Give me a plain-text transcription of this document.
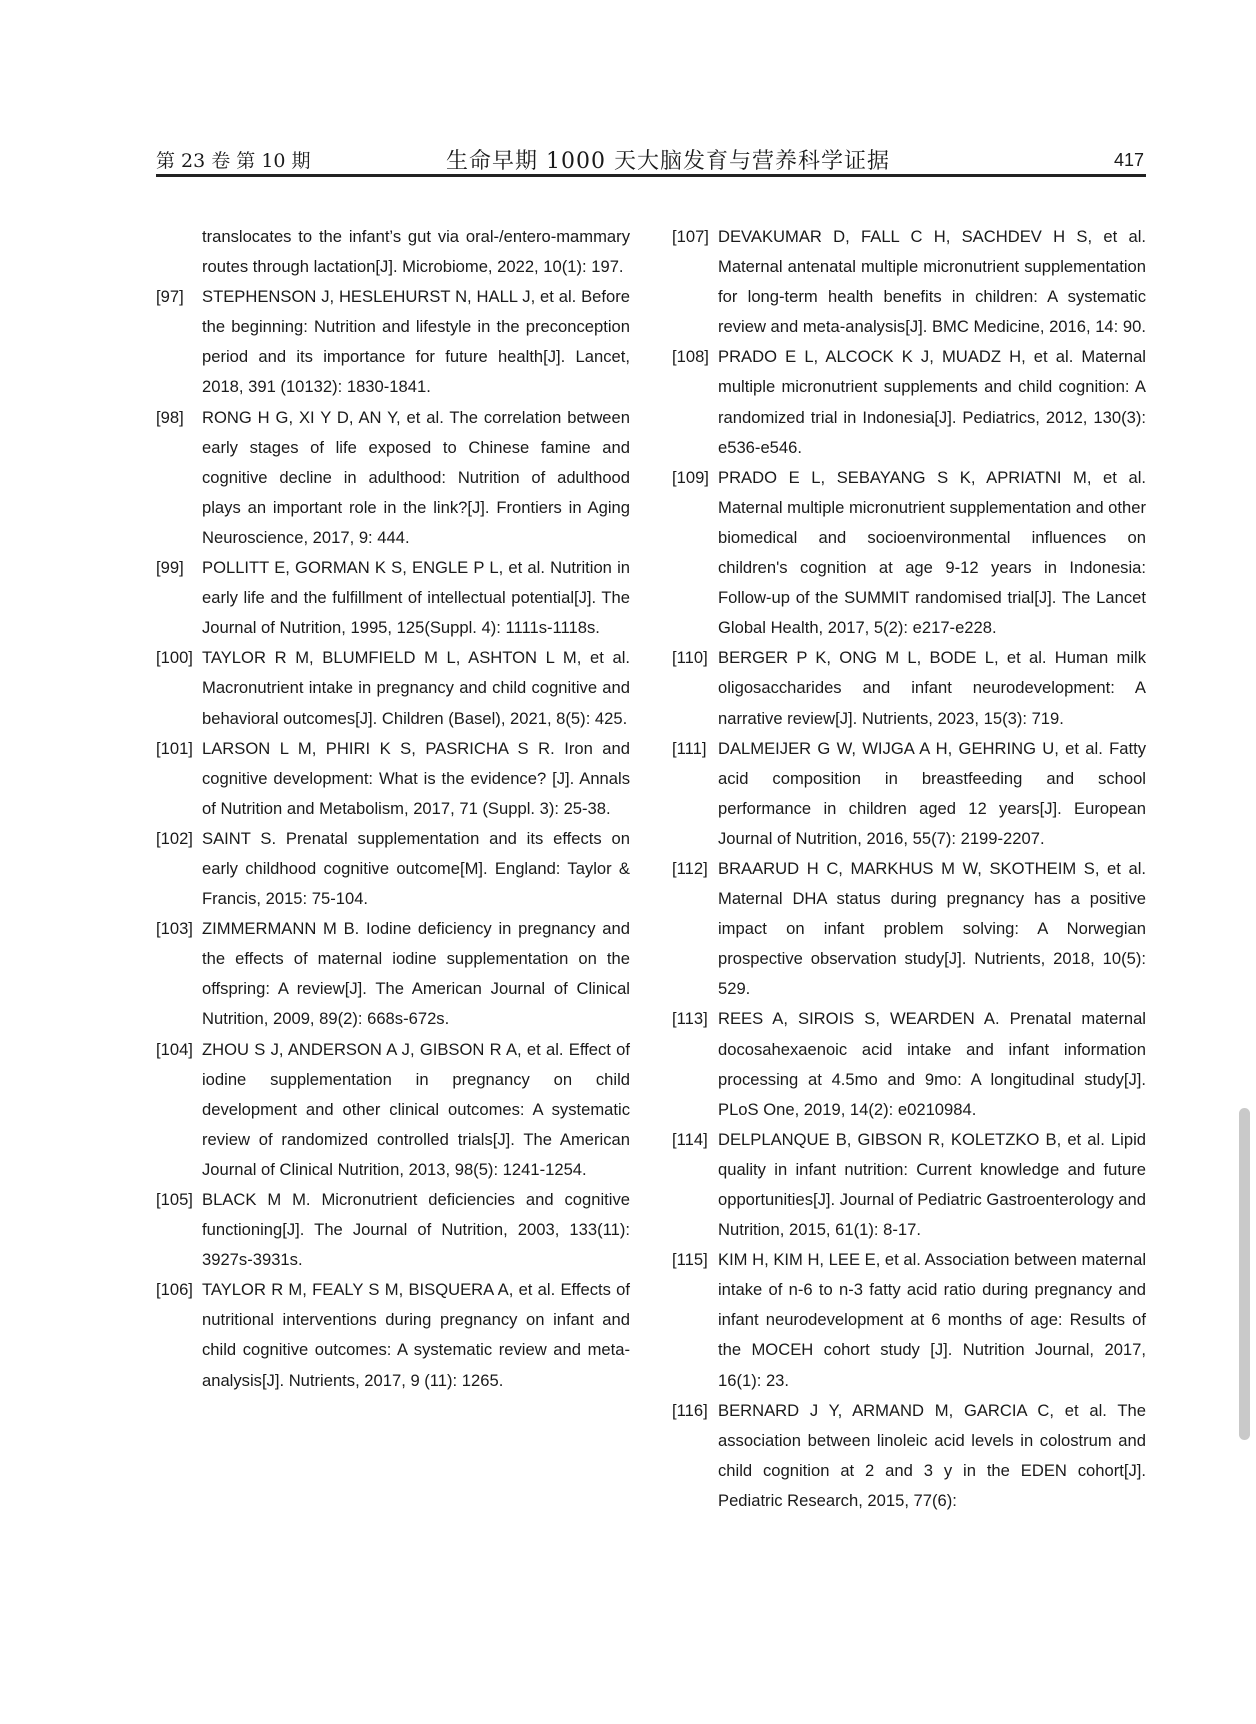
第 23 卷 第 10 期	生命早期 1000 天大脑发育与营养科学证据	417
translocates to the infant’s gut via oral-/entero-mammary routes through lactation[J]. Microbiome, 2022, 10(1): 197.
[97] STEPHENSON J, HESLEHURST N, HALL J, et al. Before the beginning: Nutrition and lifestyle in the preconception period and its importance for future health[J]. Lancet, 2018, 391 (10132): 1830-1841.
[98] RONG H G, XI Y D, AN Y, et al. The correlation between early stages of life exposed to Chinese famine and cognitive decline in adulthood: Nutrition of adulthood plays an important role in the link?[J]. Frontiers in Aging Neuroscience, 2017, 9: 444.
[99] POLLITT E, GORMAN K S, ENGLE P L, et al. Nutrition in early life and the fulfillment of intellectual potential[J]. The Journal of Nutrition, 1995, 125(Suppl. 4): 1111s-1118s.
[100] TAYLOR R M, BLUMFIELD M L, ASHTON L M, et al. Macronutrient intake in pregnancy and child cognitive and behavioral outcomes[J]. Children (Basel), 2021, 8(5): 425.
[101] LARSON L M, PHIRI K S, PASRICHA S R. Iron and cognitive development: What is the evidence? [J]. Annals of Nutrition and Metabolism, 2017, 71 (Suppl. 3): 25-38.
[102] SAINT S. Prenatal supplementation and its effects on early childhood cognitive outcome[M]. England: Taylor & Francis, 2015: 75-104.
[103] ZIMMERMANN M B. Iodine deficiency in pregnancy and the effects of maternal iodine supplementation on the offspring: A review[J]. The American Journal of Clinical Nutrition, 2009, 89(2): 668s-672s.
[104] ZHOU S J, ANDERSON A J, GIBSON R A, et al. Effect of iodine supplementation in pregnancy on child development and other clinical outcomes: A systematic review of randomized controlled trials[J]. The American Journal of Clinical Nutrition, 2013, 98(5): 1241-1254.
[105] BLACK M M. Micronutrient deficiencies and cognitive functioning[J]. The Journal of Nutrition, 2003, 133(11): 3927s-3931s.
[106] TAYLOR R M, FEALY S M, BISQUERA A, et al. Effects of nutritional interventions during pregnancy on infant and child cognitive outcomes: A systematic review and meta-analysis[J]. Nutrients, 2017, 9 (11): 1265.
[107] DEVAKUMAR D, FALL C H, SACHDEV H S, et al. Maternal antenatal multiple micronutrient supplementation for long-term health benefits in children: A systematic review and meta-analysis[J]. BMC Medicine, 2016, 14: 90.
[108] PRADO E L, ALCOCK K J, MUADZ H, et al. Maternal multiple micronutrient supplements and child cognition: A randomized trial in Indonesia[J]. Pediatrics, 2012, 130(3): e536-e546.
[109] PRADO E L, SEBAYANG S K, APRIATNI M, et al. Maternal multiple micronutrient supplementation and other biomedical and socioenvironmental influences on children's cognition at age 9-12 years in Indonesia: Follow-up of the SUMMIT randomised trial[J]. The Lancet Global Health, 2017, 5(2): e217-e228.
[110] BERGER P K, ONG M L, BODE L, et al. Human milk oligosaccharides and infant neurodevelopment: A narrative review[J]. Nutrients, 2023, 15(3): 719.
[111] DALMEIJER G W, WIJGA A H, GEHRING U, et al. Fatty acid composition in breastfeeding and school performance in children aged 12 years[J]. European Journal of Nutrition, 2016, 55(7): 2199-2207.
[112] BRAARUD H C, MARKHUS M W, SKOTHEIM S, et al. Maternal DHA status during pregnancy has a positive impact on infant problem solving: A Norwegian prospective observation study[J]. Nutrients, 2018, 10(5): 529.
[113] REES A, SIROIS S, WEARDEN A. Prenatal maternal docosahexaenoic acid intake and infant information processing at 4.5mo and 9mo: A longitudinal study[J]. PLoS One, 2019, 14(2): e0210984.
[114] DELPLANQUE B, GIBSON R, KOLETZKO B, et al. Lipid quality in infant nutrition: Current knowledge and future opportunities[J]. Journal of Pediatric Gastroenterology and Nutrition, 2015, 61(1): 8-17.
[115] KIM H, KIM H, LEE E, et al. Association between maternal intake of n-6 to n-3 fatty acid ratio during pregnancy and infant neurodevelopment at 6 months of age: Results of the MOCEH cohort study [J]. Nutrition Journal, 2017, 16(1): 23.
[116] BERNARD J Y, ARMAND M, GARCIA C, et al. The association between linoleic acid levels in colostrum and child cognition at 2 and 3 y in the EDEN cohort[J]. Pediatric Research, 2015, 77(6):
